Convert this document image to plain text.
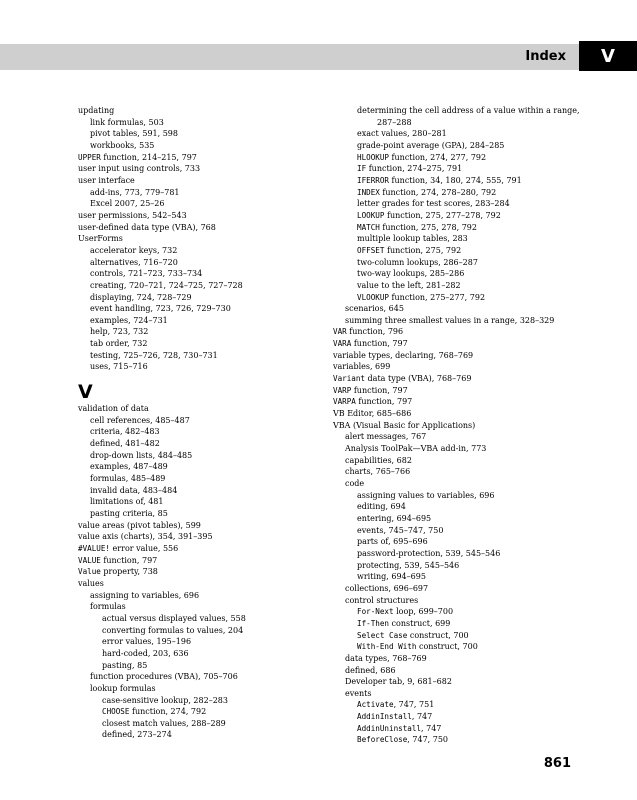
Index	V
updating
link formulas, 503
pivot tables, 591, 598
workbooks, 535
UPPER function, 214–215, 797
user input using controls, 733
user interface
add-ins, 773, 779–781
Excel 2007, 25–26
user permissions, 542–543
user-defined data type (VBA), 768
UserForms
accelerator keys, 732
alternatives, 716–720
controls, 721–723, 733–734
creating, 720–721, 724–725, 727–728
displaying, 724, 728–729
event handling, 723, 726, 729–730
examples, 724–731
help, 723, 732
tab order, 732
testing, 725–726, 728, 730–731
uses, 715–716
V
validation of data
cell references, 485–487
criteria, 482–483
defined, 481–482
drop-down lists, 484–485
examples, 487–489
formulas, 485–489
invalid data, 483–484
limitations of, 481
pasting criteria, 85
value areas (pivot tables), 599
value axis (charts), 354, 391–395
#VALUE! error value, 556
VALUE function, 797
Value property, 738
values
assigning to variables, 696
formulas
actual versus displayed values, 558
converting formulas to values, 204
error values, 195–196
hard-coded, 203, 636
pasting, 85
function procedures (VBA), 705–706
lookup formulas
case-sensitive lookup, 282–283
CHOOSE function, 274, 792
closest match values, 288–289
defined, 273–274
determining the cell address of a value within a range,
287–288
exact values, 280–281
grade-point average (GPA), 284–285
HLOOKUP function, 274, 277, 792
IF function, 274–275, 791
IFERROR function, 34, 180, 274, 555, 791
INDEX function, 274, 278–280, 792
letter grades for test scores, 283–284
LOOKUP function, 275, 277–278, 792
MATCH function, 275, 278, 792
multiple lookup tables, 283
OFFSET function, 275, 792
two-column lookups, 286–287
two-way lookups, 285–286
value to the left, 281–282
VLOOKUP function, 275–277, 792
scenarios, 645
summing three smallest values in a range, 328–329
VAR function, 796
VARA function, 797
variable types, declaring, 768–769
variables, 699
Variant data type (VBA), 768–769
VARP function, 797
VARPA function, 797
VB Editor, 685–686
VBA (Visual Basic for Applications)
alert messages, 767
Analysis ToolPak—VBA add-in, 773
capabilities, 682
charts, 765–766
code
assigning values to variables, 696
editing, 694
entering, 694–695
events, 745–747, 750
parts of, 695–696
password-protection, 539, 545–546
protecting, 539, 545–546
writing, 694–695
collections, 696–697
control structures
For-Next loop, 699–700
If-Then construct, 699
Select Case construct, 700
With-End With construct, 700
data types, 768–769
defined, 686
Developer tab, 9, 681–682
events
Activate, 747, 751
AddinInstall, 747
AddinUninstall, 747
BeforeClose, 747, 750
861
